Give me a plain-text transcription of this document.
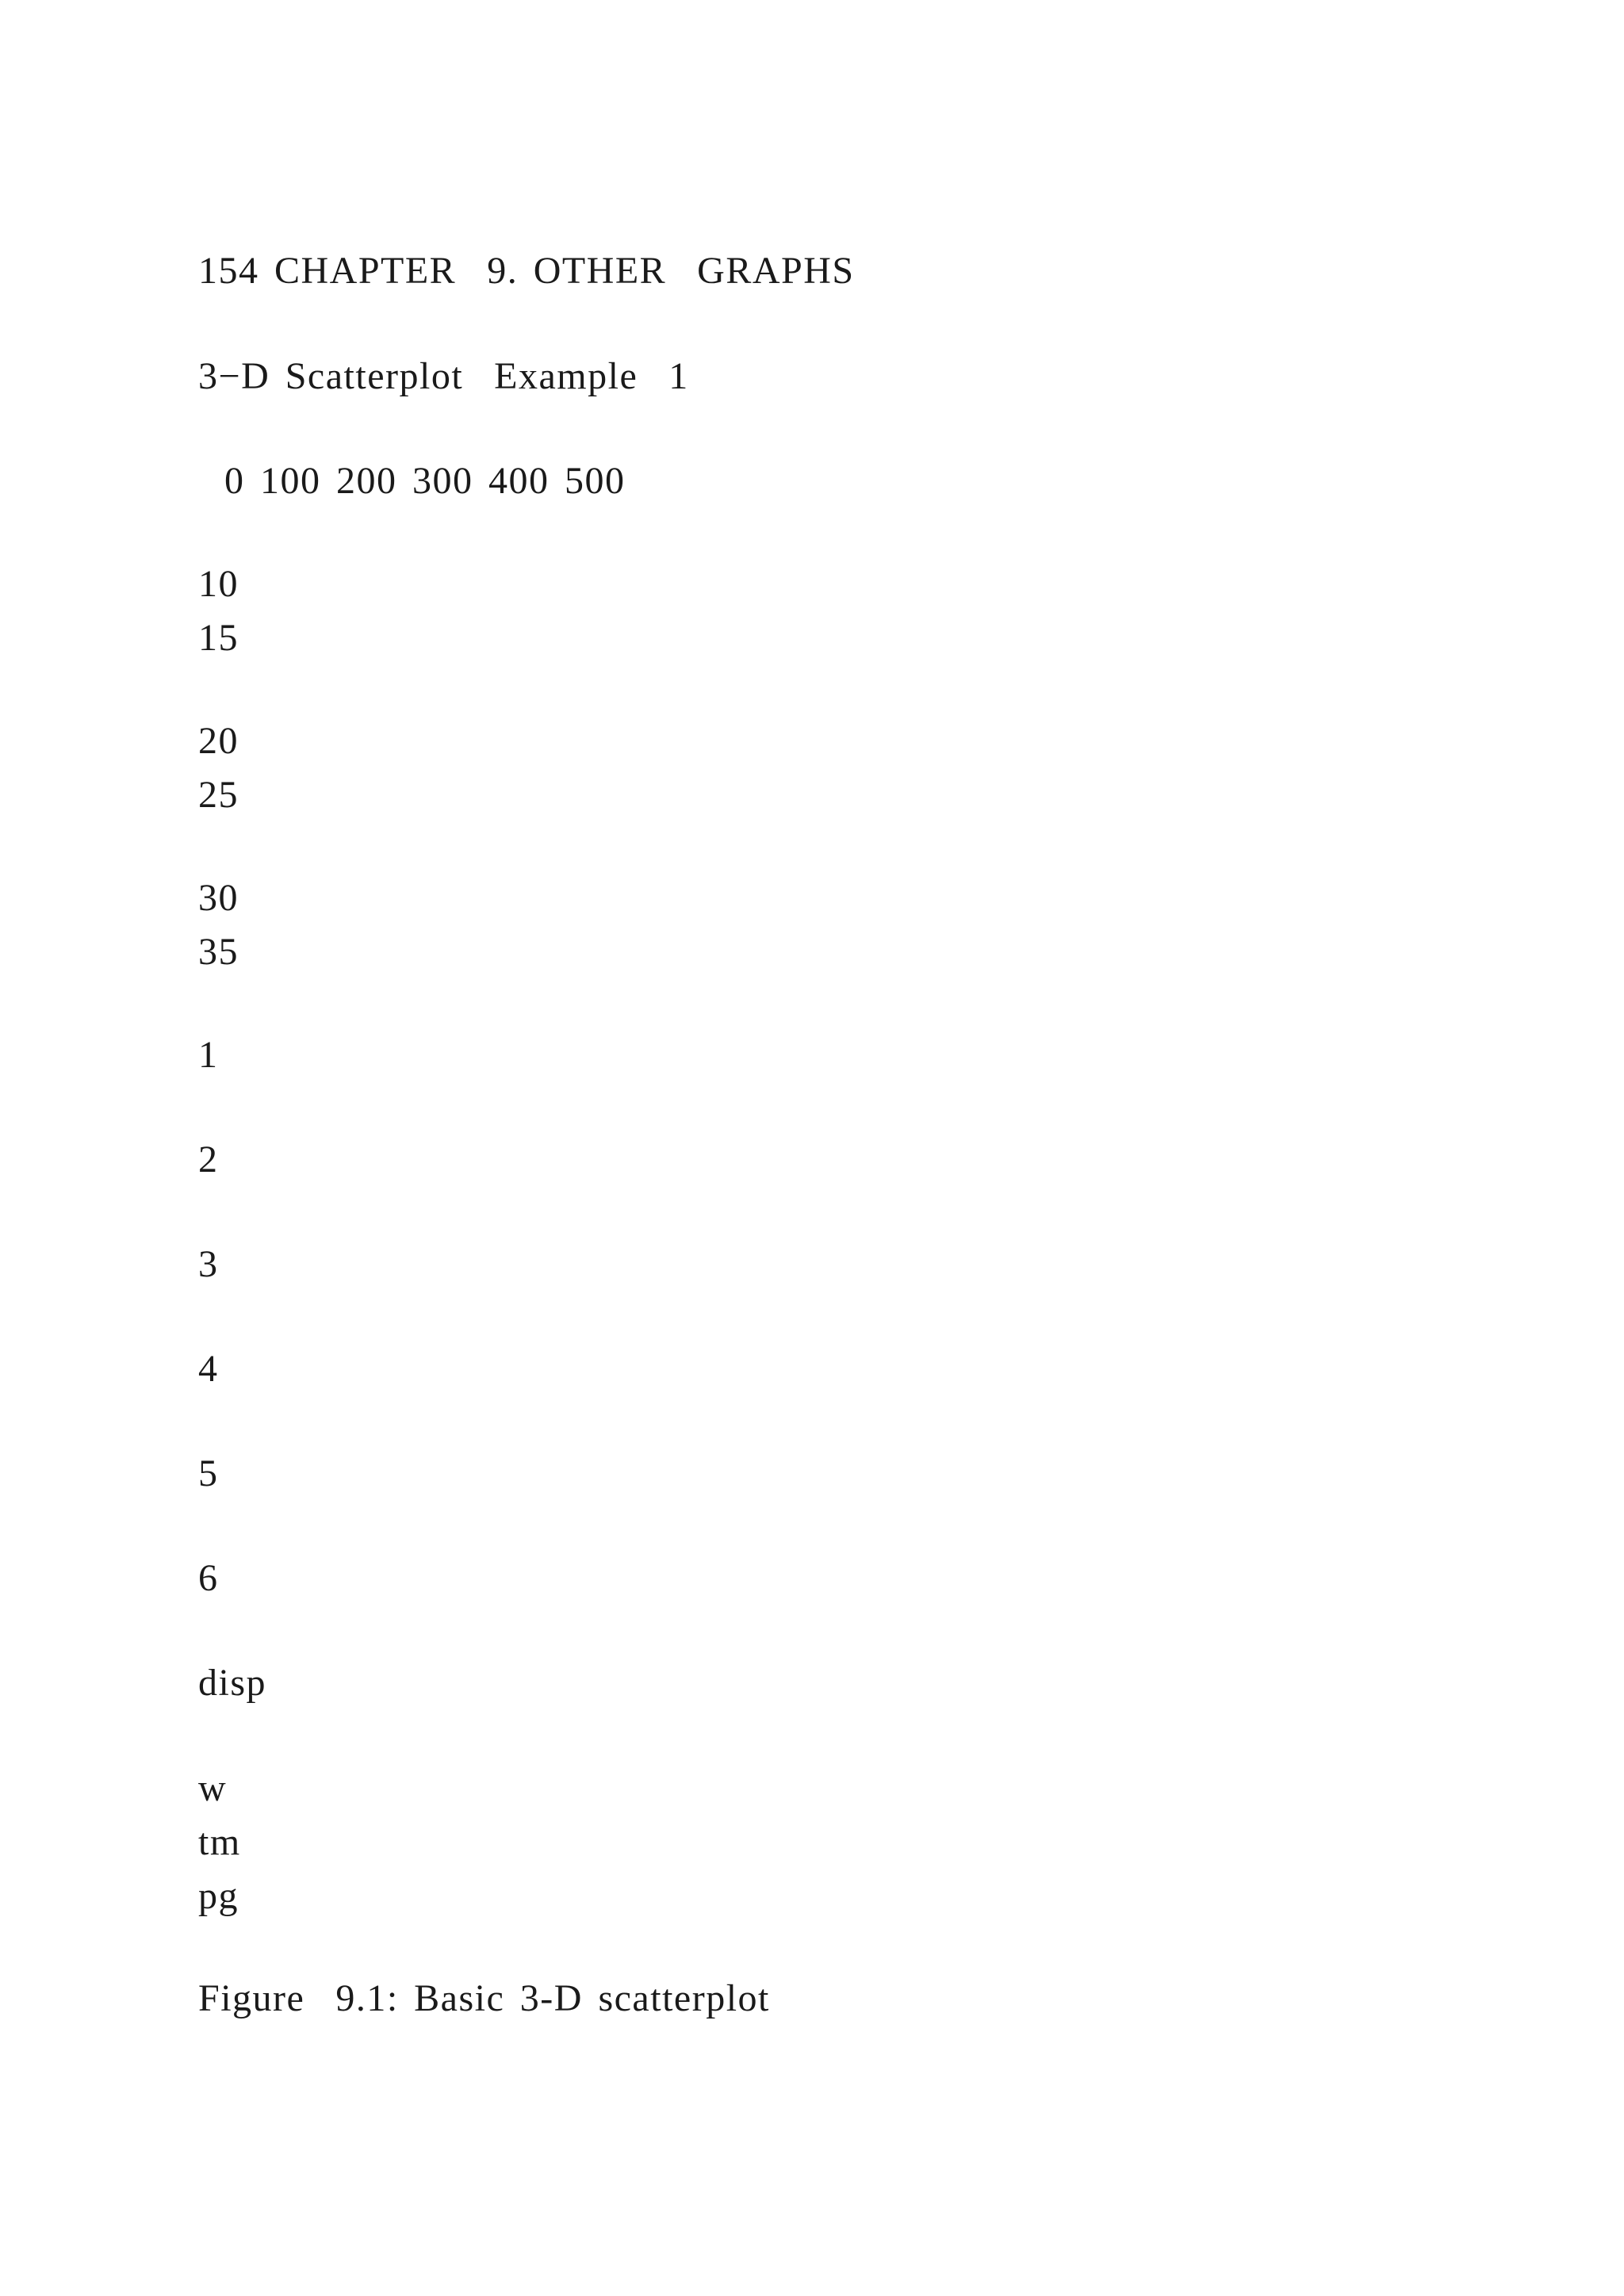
154 CHAPTER  9. OTHER  GRAPHS
3−D Scatterplot  Example  1
0 100 200 300 400 500
10
15
20
25
30
35
1
2
3
4
5
6
disp
w
tm
pg
Figure  9.1: Basic 3-D scatterplot
